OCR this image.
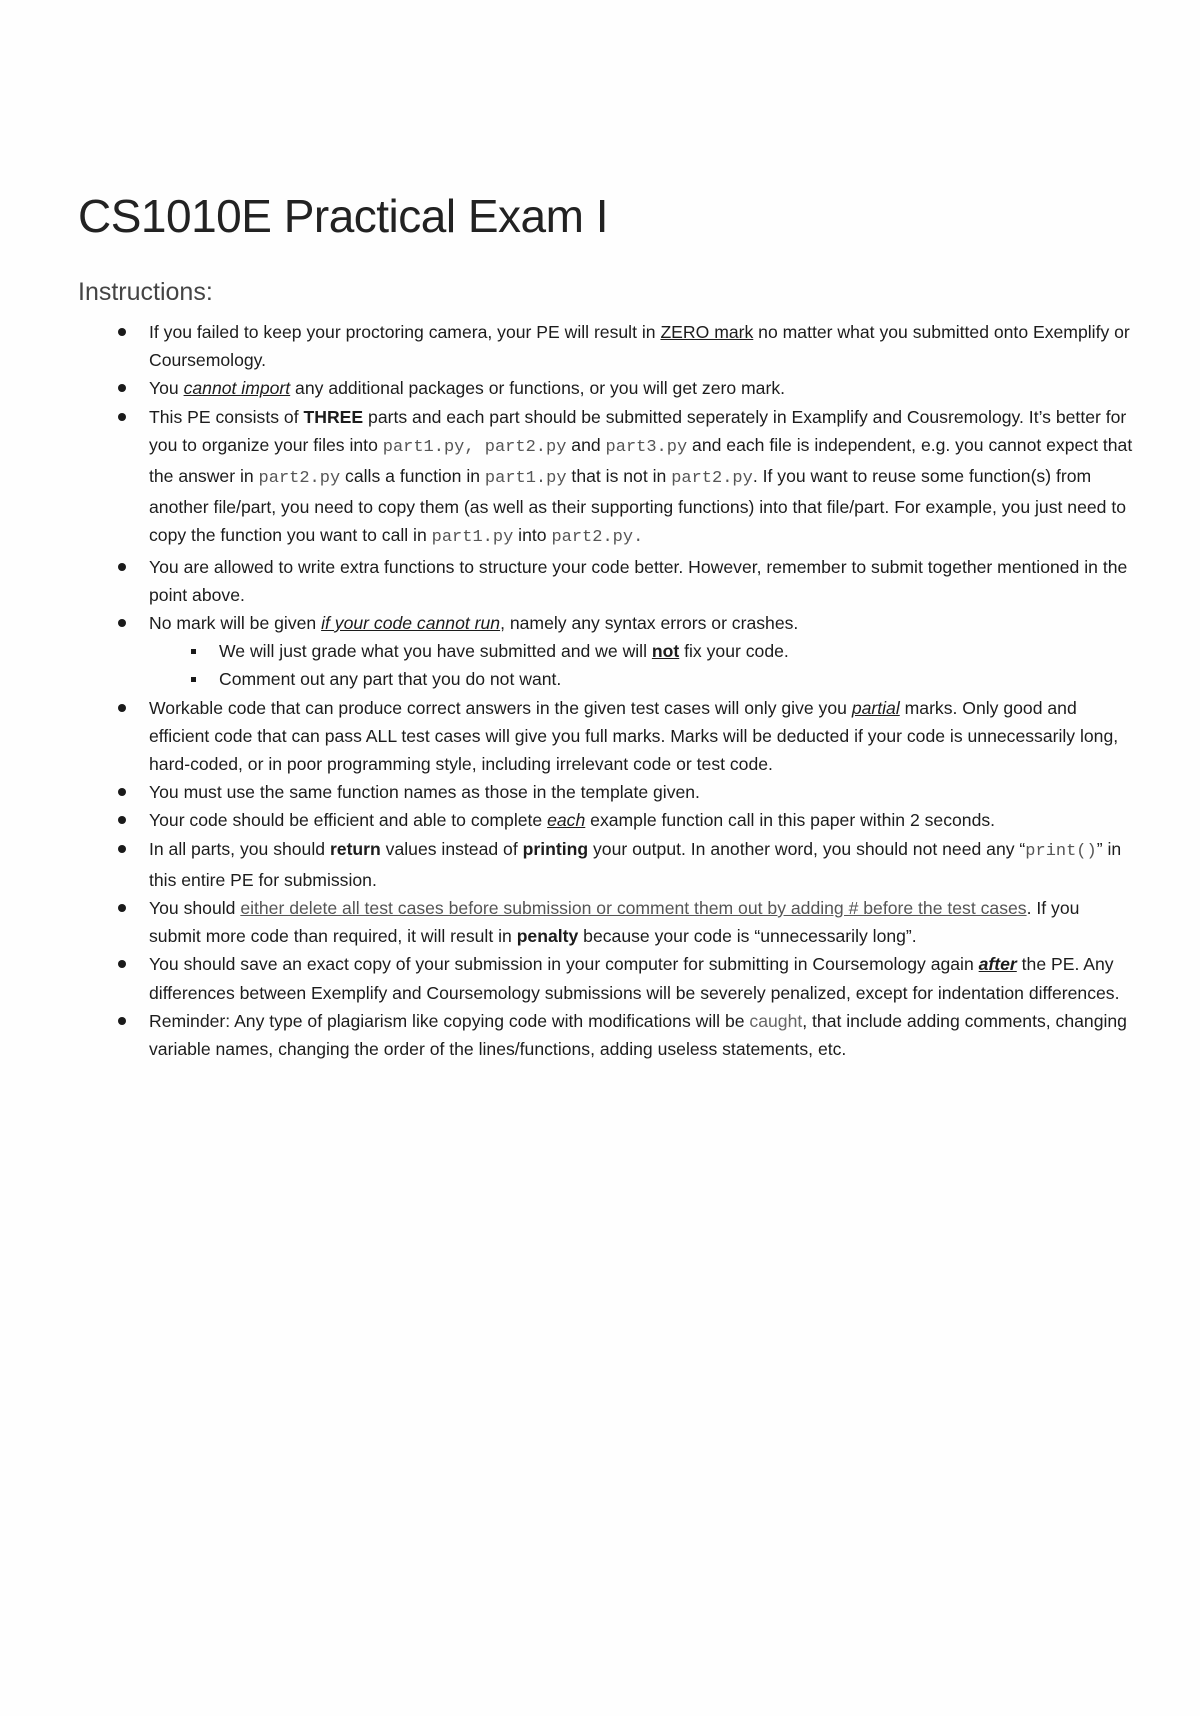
CS1010E Practical Exam I
Instructions:
If you failed to keep your proctoring camera, your PE will result in ZERO mark no matter what you submitted onto Exemplify or Coursemology.
You cannot import any additional packages or functions, or you will get zero mark.
This PE consists of THREE parts and each part should be submitted seperately in Examplify and Cousremology. It’s better for you to organize your files into part1.py, part2.py and part3.py and each file is independent, e.g. you cannot expect that the answer in part2.py calls a function in part1.py that is not in part2.py. If you want to reuse some function(s) from another file/part, you need to copy them (as well as their supporting functions) into that file/part. For example, you just need to copy the function you want to call in part1.py into part2.py.
You are allowed to write extra functions to structure your code better. However, remember to submit together mentioned in the point above.
No mark will be given if your code cannot run, namely any syntax errors or crashes.
We will just grade what you have submitted and we will not fix your code.
Comment out any part that you do not want.
Workable code that can produce correct answers in the given test cases will only give you partial marks. Only good and efficient code that can pass ALL test cases will give you full marks. Marks will be deducted if your code is unnecessarily long, hard-coded, or in poor programming style, including irrelevant code or test code.
You must use the same function names as those in the template given.
Your code should be efficient and able to complete each example function call in this paper within 2 seconds.
In all parts, you should return values instead of printing your output. In another word, you should not need any “print()” in this entire PE for submission.
You should either delete all test cases before submission or comment them out by adding # before the test cases. If you submit more code than required, it will result in penalty because your code is “unnecessarily long”.
You should save an exact copy of your submission in your computer for submitting in Coursemology again after the PE. Any differences between Exemplify and Coursemology submissions will be severely penalized, except for indentation differences.
Reminder: Any type of plagiarism like copying code with modifications will be caught, that include adding comments, changing variable names, changing the order of the lines/functions, adding useless statements, etc.
